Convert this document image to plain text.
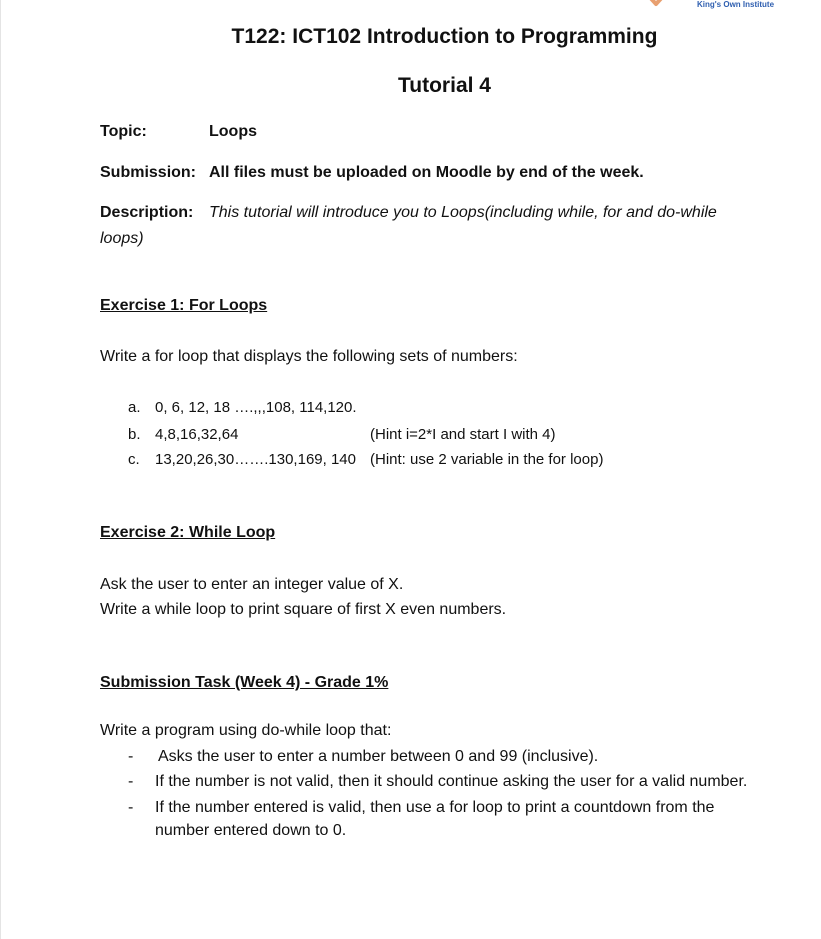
King's Own Institute
T122: ICT102 Introduction to Programming
Tutorial 4
Topic:	Loops
Submission: All files must be uploaded on Moodle by end of the week.
Description: This tutorial will introduce you to Loops(including while, for and do-while
loops)
Exercise 1: For Loops
Write a for loop that displays the following sets of numbers:
a. 0, 6, 12, 18 ….,,,108, 114,120.
b. 4,8,16,32,64	(Hint i=2*I and start I with 4)
c. 13,20,26,30…….130,169, 140 (Hint: use 2 variable in the for loop)
Exercise 2: While Loop
Ask the user to enter an integer value of X.
Write a while loop to print square of first X even numbers.
Submission Task (Week 4) - Grade 1%
Write a program using do-while loop that:
- Asks the user to enter a number between 0 and 99 (inclusive).
- If the number is not valid, then it should continue asking the user for a valid number.
- If the number entered is valid, then use a for loop to print a countdown from the
number entered down to 0.
